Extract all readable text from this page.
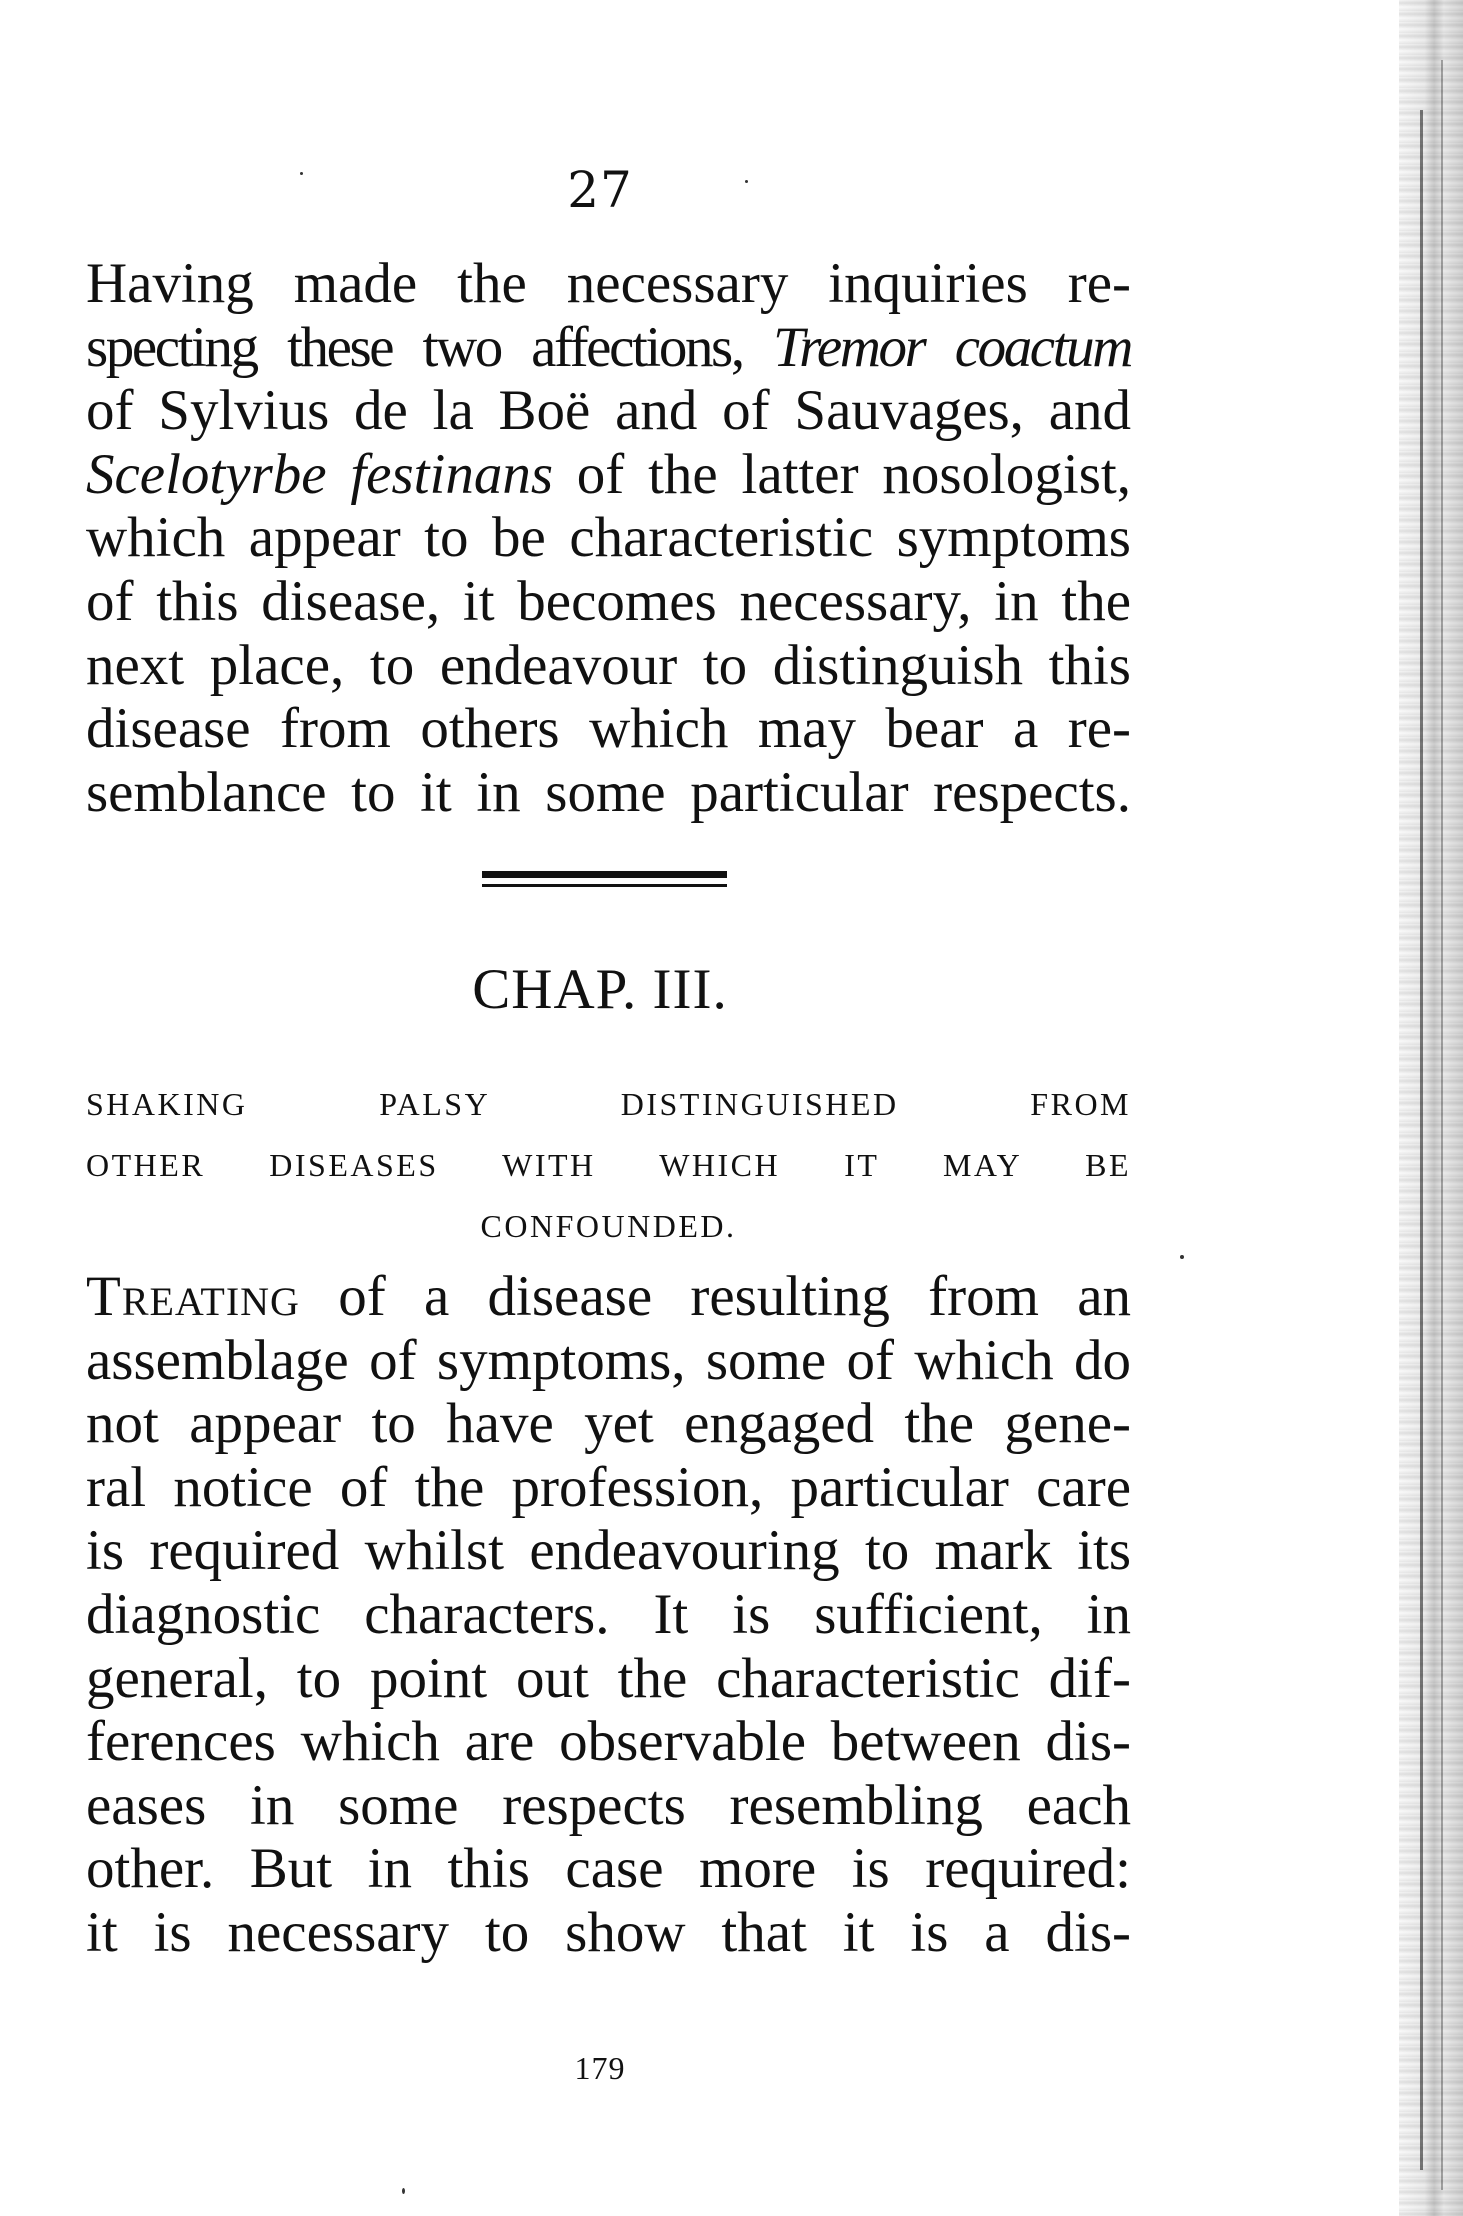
27

Having made the necessary inquiries re-
specting these two affections, Tremor coactum
of Sylvius de la Boë and of Sauvages, and
Scelotyrbe festinans of the latter nosologist,
which appear to be characteristic symptoms
of this disease, it becomes necessary, in the
next place, to endeavour to distinguish this
disease from others which may bear a re-
semblance to it in some particular respects.

CHAP. III.
SHAKING PALSY DISTINGUISHED FROM
OTHER DISEASES WITH WHICH IT MAY BE
CONFOUNDED.

Treating of a disease resulting from an
assemblage of symptoms, some of which do
not appear to have yet engaged the gene-
ral notice of the profession, particular care
is required whilst endeavouring to mark its
diagnostic characters. It is sufficient, in
general, to point out the characteristic dif-
ferences which are observable between dis-
eases in some respects resembling each
other. But in this case more is required:
it is necessary to show that it is a dis-

179
